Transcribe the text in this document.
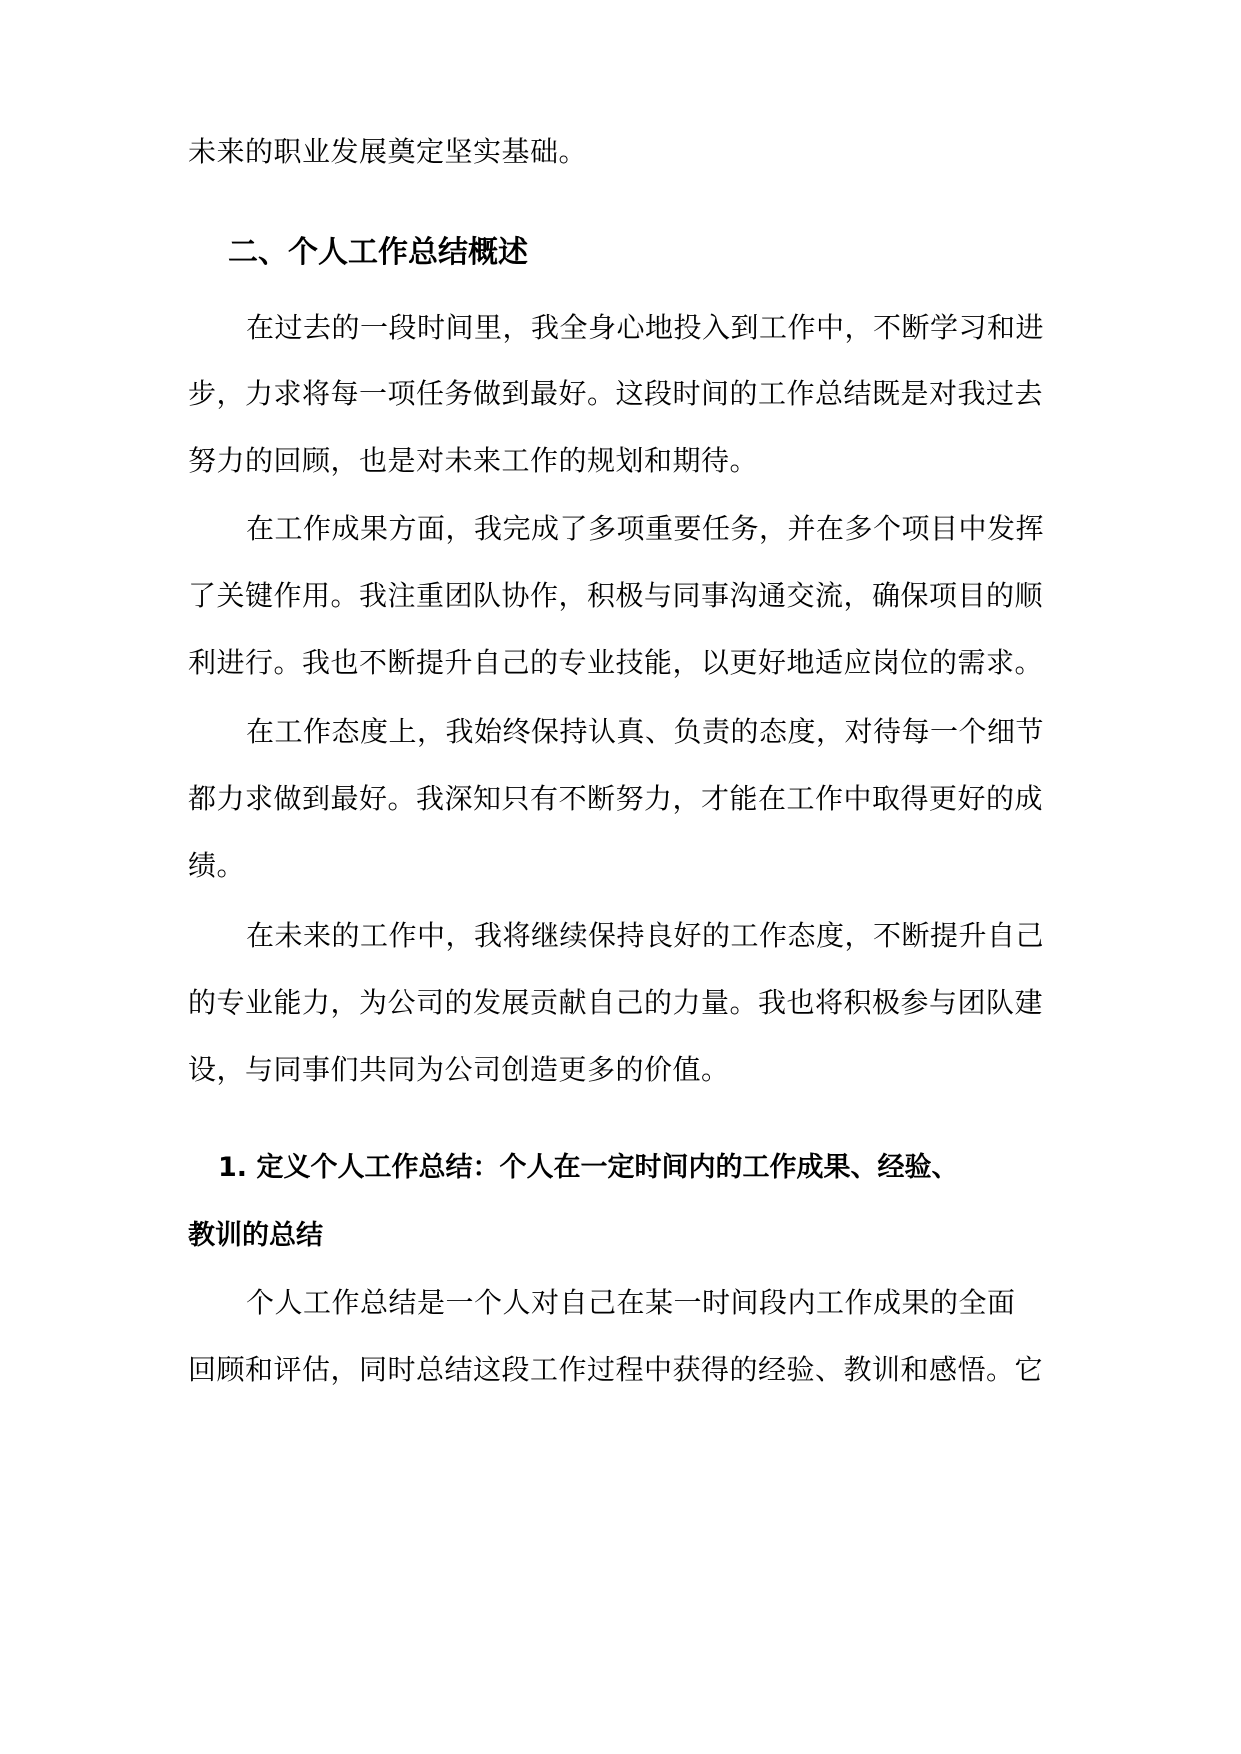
未来的职业发展奠定坚实基础。
二、个人工作总结概述
在过去的一段时间里，我全身心地投入到工作中，不断学习和进
步，力求将每一项任务做到最好。这段时间的工作总结既是对我过去
努力的回顾，也是对未来工作的规划和期待。
在工作成果方面，我完成了多项重要任务，并在多个项目中发挥
了关键作用。我注重团队协作，积极与同事沟通交流，确保项目的顺
利进行。我也不断提升自己的专业技能，以更好地适应岗位的需求。
在工作态度上，我始终保持认真、负责的态度，对待每一个细节
都力求做到最好。我深知只有不断努力，才能在工作中取得更好的成
绩。
在未来的工作中，我将继续保持良好的工作态度，不断提升自己
的专业能力，为公司的发展贡献自己的力量。我也将积极参与团队建
设，与同事们共同为公司创造更多的价值。
1. 定义个人工作总结：个人在一定时间内的工作成果、经验、
教训的总结
个人工作总结是一个人对自己在某一时间段内工作成果的全面
回顾和评估，同时总结这段工作过程中获得的经验、教训和感悟。它
